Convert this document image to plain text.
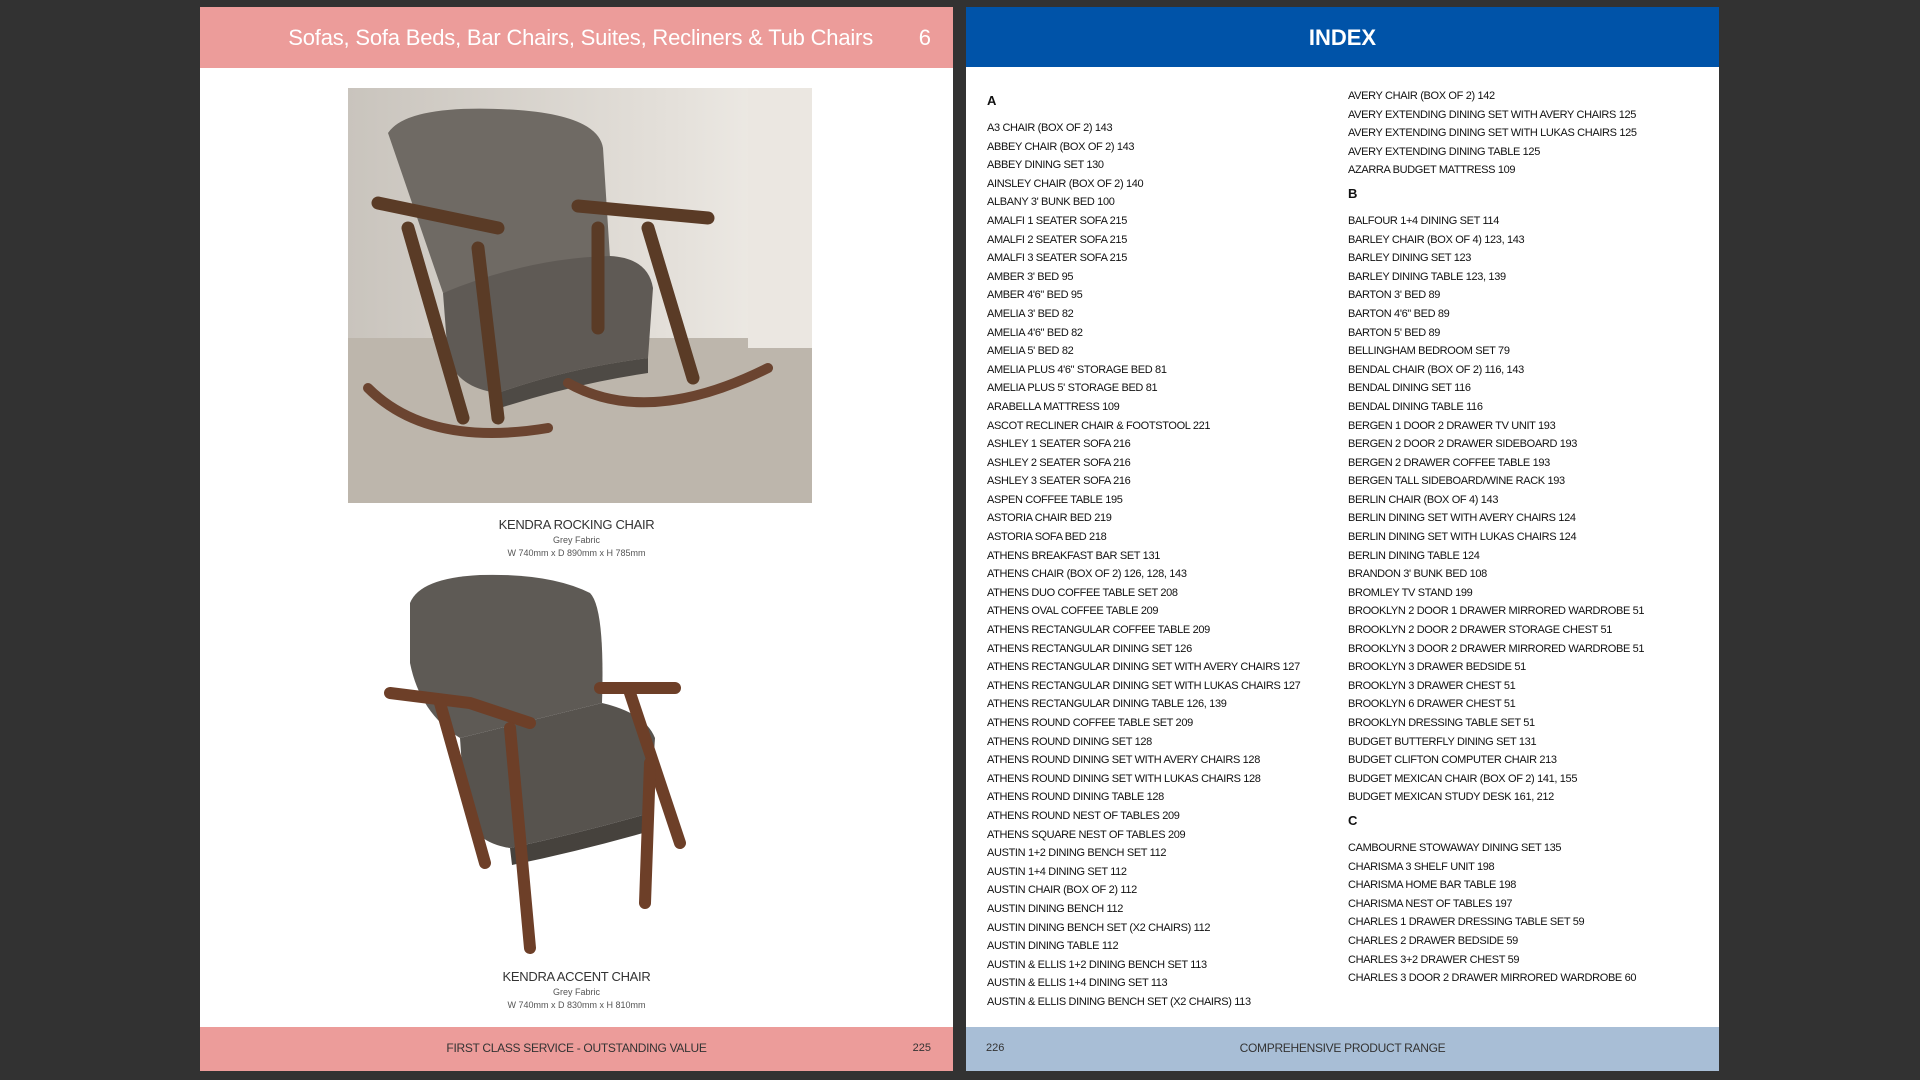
Sofas, Sofa Beds, Bar Chairs, Suites, Recliners & Tub Chairs 6
KENDRA ROCKING CHAIR
Grey Fabric
W 740mm x D 890mm x H 785mm
KENDRA ACCENT CHAIR
Grey Fabric
W 740mm x D 830mm x H 810mm
FIRST CLASS SERVICE - OUTSTANDING VALUE	225
INDEX
A
A3 CHAIR (BOX OF 2) 143
ABBEY CHAIR (BOX OF 2) 143
ABBEY DINING SET 130
AINSLEY CHAIR (BOX OF 2) 140
ALBANY 3' BUNK BED 100
AMALFI 1 SEATER SOFA 215
AMALFI 2 SEATER SOFA 215
AMALFI 3 SEATER SOFA 215
AMBER 3' BED 95
AMBER 4'6" BED 95
AMELIA 3' BED 82
AMELIA 4'6" BED 82
AMELIA 5' BED 82
AMELIA PLUS 4'6" STORAGE BED 81
AMELIA PLUS 5' STORAGE BED 81
ARABELLA MATTRESS 109
ASCOT RECLINER CHAIR & FOOTSTOOL 221
ASHLEY 1 SEATER SOFA 216
ASHLEY 2 SEATER SOFA 216
ASHLEY 3 SEATER SOFA 216
ASPEN COFFEE TABLE 195
ASTORIA CHAIR BED 219
ASTORIA SOFA BED 218
ATHENS BREAKFAST BAR SET 131
ATHENS CHAIR (BOX OF 2) 126, 128, 143
ATHENS DUO COFFEE TABLE SET 208
ATHENS OVAL COFFEE TABLE 209
ATHENS RECTANGULAR COFFEE TABLE 209
ATHENS RECTANGULAR DINING SET 126
ATHENS RECTANGULAR DINING SET WITH AVERY CHAIRS 127
ATHENS RECTANGULAR DINING SET WITH LUKAS CHAIRS 127
ATHENS RECTANGULAR DINING TABLE 126, 139
ATHENS ROUND COFFEE TABLE SET 209
ATHENS ROUND DINING SET 128
ATHENS ROUND DINING SET WITH AVERY CHAIRS 128
ATHENS ROUND DINING SET WITH LUKAS CHAIRS 128
ATHENS ROUND DINING TABLE 128
ATHENS ROUND NEST OF TABLES 209
ATHENS SQUARE NEST OF TABLES 209
AUSTIN 1+2 DINING BENCH SET 112
AUSTIN 1+4 DINING SET 112
AUSTIN CHAIR (BOX OF 2) 112
AUSTIN DINING BENCH 112
AUSTIN DINING BENCH SET (X2 CHAIRS) 112
AUSTIN DINING TABLE 112
AUSTIN & ELLIS 1+2 DINING BENCH SET 113
AUSTIN & ELLIS 1+4 DINING SET 113
AUSTIN & ELLIS DINING BENCH SET (X2 CHAIRS) 113
AVERY CHAIR (BOX OF 2) 142
AVERY EXTENDING DINING SET WITH AVERY CHAIRS 125
AVERY EXTENDING DINING SET WITH LUKAS CHAIRS 125
AVERY EXTENDING DINING TABLE 125
AZARRA BUDGET MATTRESS 109
B
BALFOUR 1+4 DINING SET 114
BARLEY CHAIR (BOX OF 4) 123, 143
BARLEY DINING SET 123
BARLEY DINING TABLE 123, 139
BARTON 3' BED 89
BARTON 4'6" BED 89
BARTON 5' BED 89
BELLINGHAM BEDROOM SET 79
BENDAL CHAIR (BOX OF 2) 116, 143
BENDAL DINING SET 116
BENDAL DINING TABLE 116
BERGEN 1 DOOR 2 DRAWER TV UNIT 193
BERGEN 2 DOOR 2 DRAWER SIDEBOARD 193
BERGEN 2 DRAWER COFFEE TABLE 193
BERGEN TALL SIDEBOARD/WINE RACK 193
BERLIN CHAIR (BOX OF 4) 143
BERLIN DINING SET WITH AVERY CHAIRS 124
BERLIN DINING SET WITH LUKAS CHAIRS 124
BERLIN DINING TABLE 124
BRANDON 3' BUNK BED 108
BROMLEY TV STAND 199
BROOKLYN 2 DOOR 1 DRAWER MIRRORED WARDROBE 51
BROOKLYN 2 DOOR 2 DRAWER STORAGE CHEST 51
BROOKLYN 3 DOOR 2 DRAWER MIRRORED WARDROBE 51
BROOKLYN 3 DRAWER BEDSIDE 51
BROOKLYN 3 DRAWER CHEST 51
BROOKLYN 6 DRAWER CHEST 51
BROOKLYN DRESSING TABLE SET 51
BUDGET BUTTERFLY DINING SET 131
BUDGET CLIFTON COMPUTER CHAIR 213
BUDGET MEXICAN CHAIR (BOX OF 2) 141, 155
BUDGET MEXICAN STUDY DESK 161, 212
C
CAMBOURNE STOWAWAY DINING SET 135
CHARISMA 3 SHELF UNIT 198
CHARISMA HOME BAR TABLE 198
CHARISMA NEST OF TABLES 197
CHARLES 1 DRAWER DRESSING TABLE SET 59
CHARLES 2 DRAWER BEDSIDE 59
CHARLES 3+2 DRAWER CHEST 59
CHARLES 3 DOOR 2 DRAWER MIRRORED WARDROBE 60
226	COMPREHENSIVE PRODUCT RANGE
